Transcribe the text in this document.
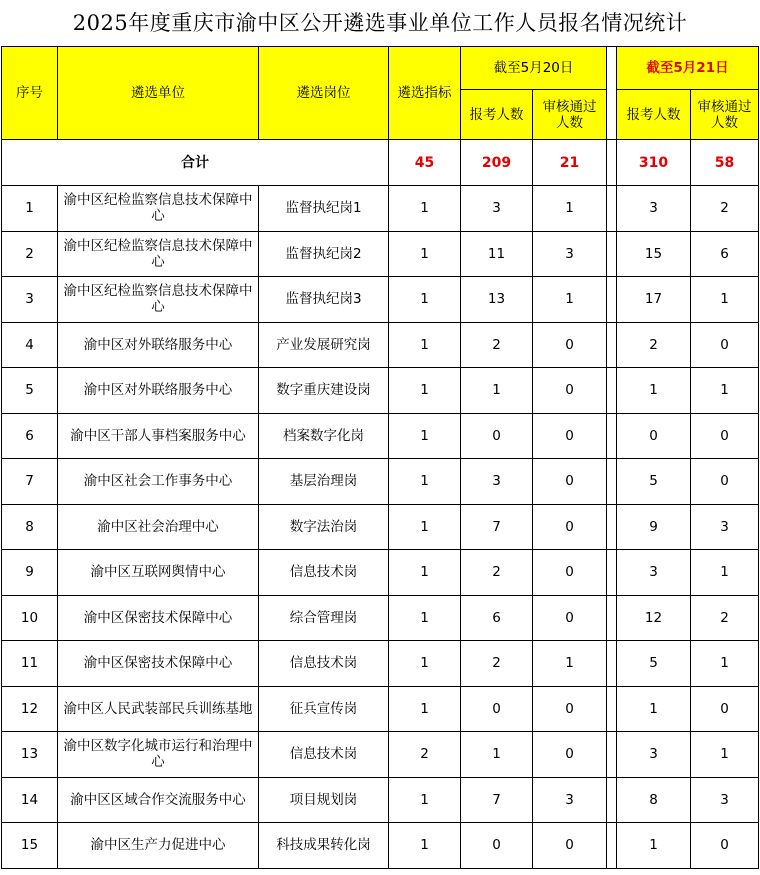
2025年度重庆市渝中区公开遴选事业单位工作人员报名情况统计
序号	遴选单位	遴选岗位	遴选指标	截至5月20日			截至5月21日	
				报考人数	审核通过人数		报考人数	审核通过人数
合计			45	209	21		310	58
1	渝中区纪检监察信息技术保障中心	监督执纪岗1	1	3	1		3	2
2	渝中区纪检监察信息技术保障中心	监督执纪岗2	1	11	3		15	6
3	渝中区纪检监察信息技术保障中心	监督执纪岗3	1	13	1		17	1
4	渝中区对外联络服务中心	产业发展研究岗	1	2	0		2	0
5	渝中区对外联络服务中心	数字重庆建设岗	1	1	0		1	1
6	渝中区干部人事档案服务中心	档案数字化岗	1	0	0		0	0
7	渝中区社会工作事务中心	基层治理岗	1	3	0		5	0
8	渝中区社会治理中心	数字法治岗	1	7	0		9	3
9	渝中区互联网舆情中心	信息技术岗	1	2	0		3	1
10	渝中区保密技术保障中心	综合管理岗	1	6	0		12	2
11	渝中区保密技术保障中心	信息技术岗	1	2	1		5	1
12	渝中区人民武装部民兵训练基地	征兵宣传岗	1	0	0		1	0
13	渝中区数字化城市运行和治理中心	信息技术岗	2	1	0		3	1
14	渝中区区域合作交流服务中心	项目规划岗	1	7	3		8	3
15	渝中区生产力促进中心	科技成果转化岗	1	0	0		1	0
